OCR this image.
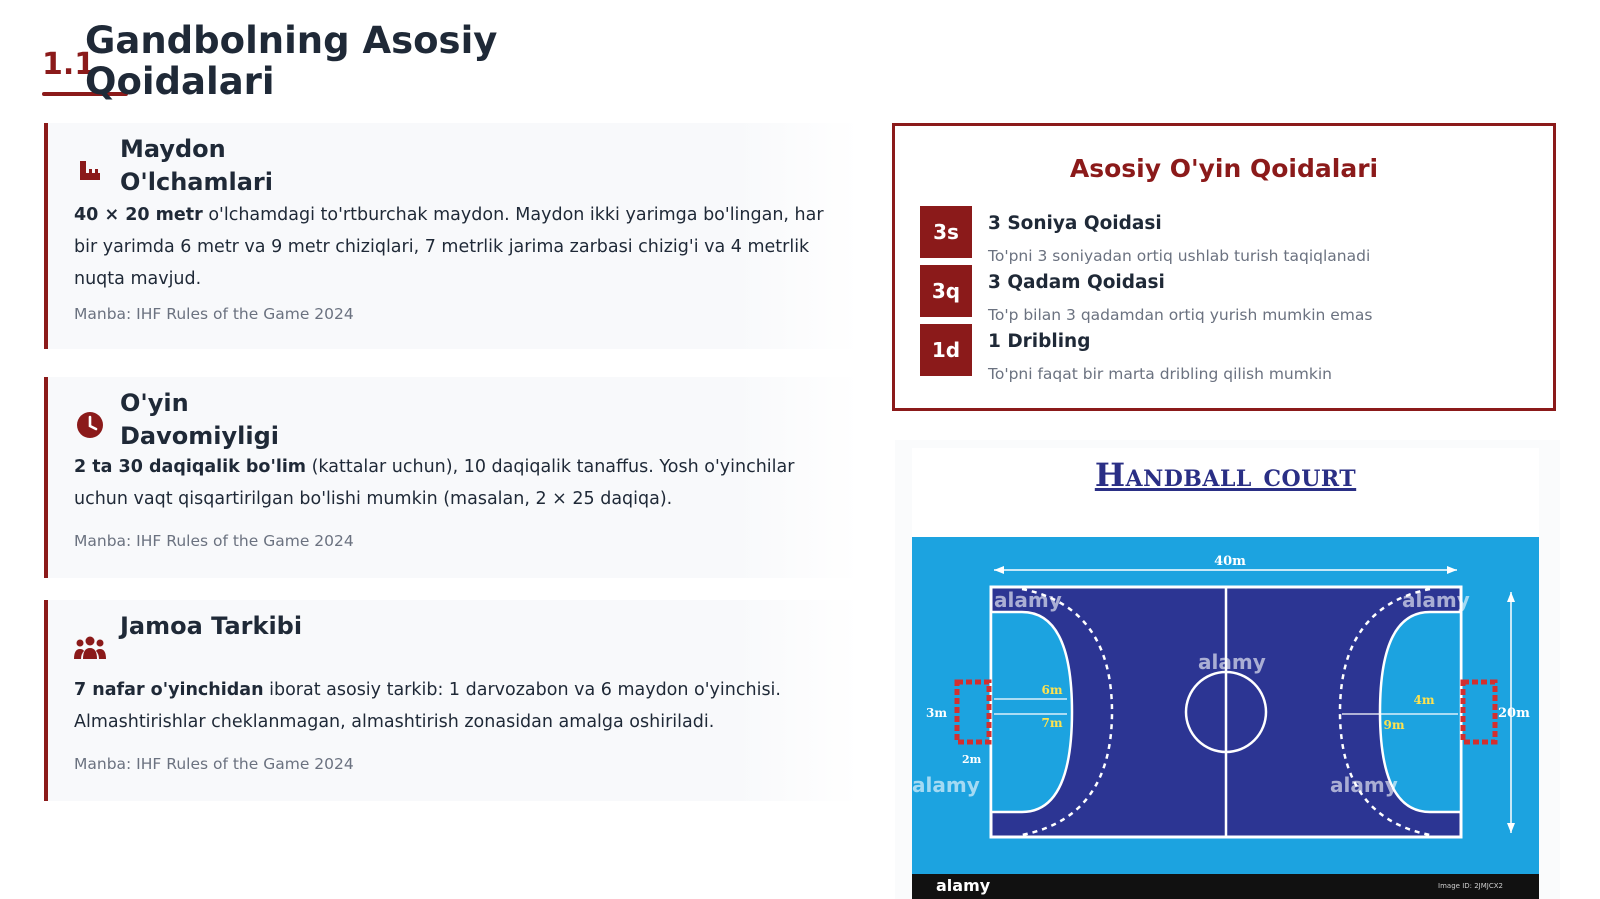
1.1
Gandbolning Asosiy Qoidalari
Maydon O'lchamlari
40 × 20 metr o'lchamdagi to'rtburchak maydon. Maydon ikki yarimga bo'lingan, har bir yarimda 6 metr va 9 metr chiziqlari, 7 metrlik jarima zarbasi chizig'i va 4 metrlik nuqta mavjud.
Manba: IHF Rules of the Game 2024
O'yin Davomiyligi
2 ta 30 daqiqalik bo'lim (kattalar uchun), 10 daqiqalik tanaffus. Yosh o'yinchilar uchun vaqt qisqartirilgan bo'lishi mumkin (masalan, 2 × 25 daqiqa).
Manba: IHF Rules of the Game 2024
Jamoa Tarkibi
7 nafar o'yinchidan iborat asosiy tarkib: 1 darvozabon va 6 maydon o'yinchisi. Almashtirishlar cheklanmagan, almashtirish zonasidan amalga oshiriladi.
Manba: IHF Rules of the Game 2024
Asosiy O'yin Qoidalari
3s	3 Soniya Qoidasi
To'pni 3 soniyadan ortiq ushlab turish taqiqlanadi
3q	3 Qadam Qoidasi
To'p bilan 3 qadamdan ortiq yurish mumkin emas
1d	1 Dribling
To'pni faqat bir marta dribling qilish mumkin
Handball court
40m
20m
6m
7m
3m
2m
4m
9m
alamy	alamy
alamy
alamy	alamy
alamy	Image ID: 2JMJCX2
